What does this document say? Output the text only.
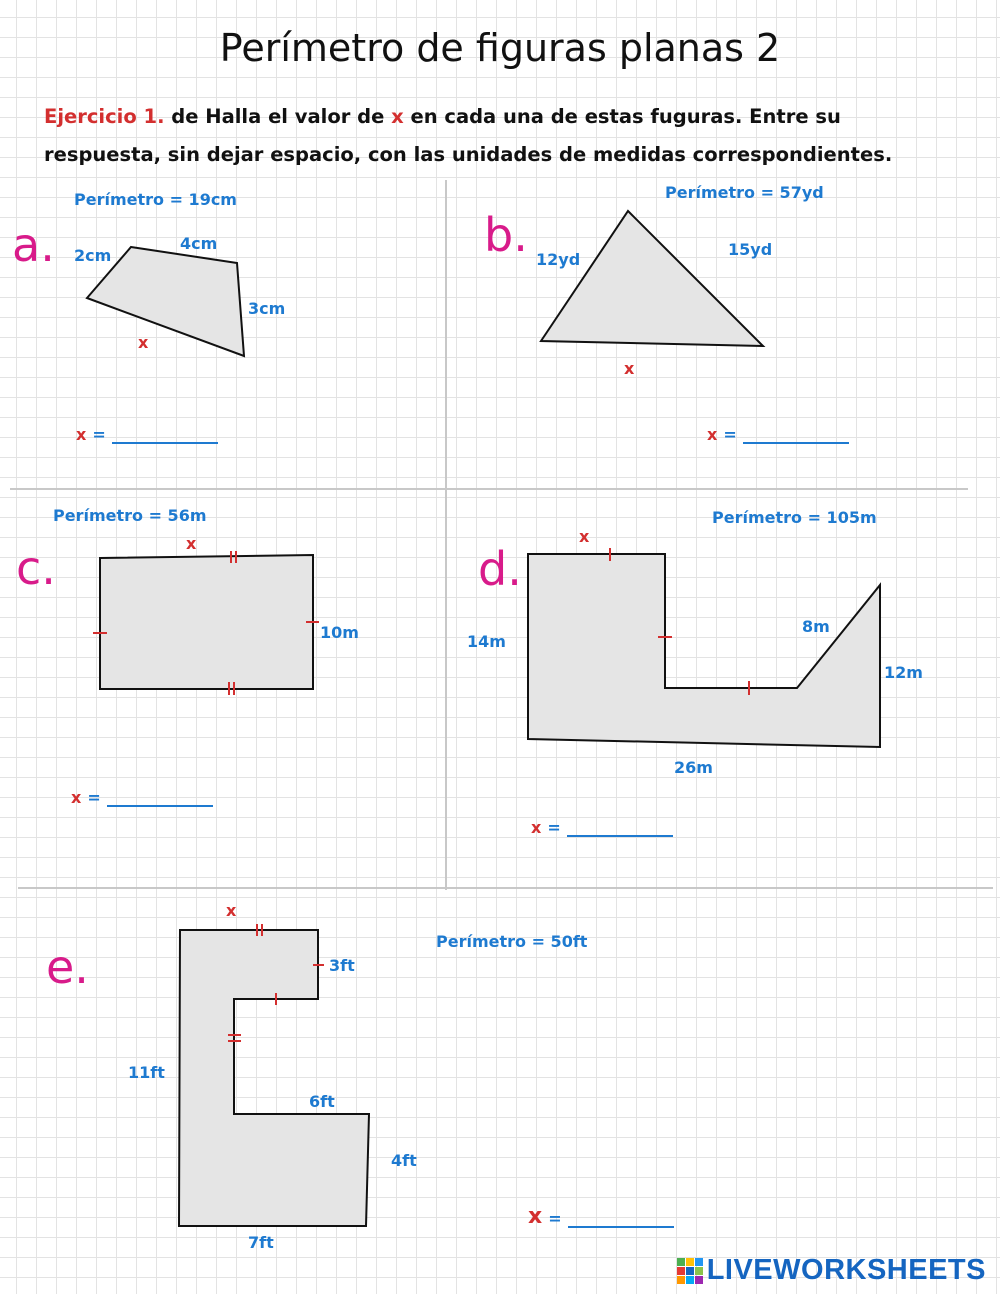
Perímetro de figuras planas 2
Ejercicio 1. de Halla el valor de x en cada una de estas fuguras. Entre su respuesta, sin dejar espacio, con las unidades de medidas correspondientes.
a.
Perímetro = 19cm
2cm
4cm
3cm
x
x =
b.
Perímetro = 57yd
12yd
15yd
x
x =
c.
Perímetro = 56m
x
10m
x =
d.
Perímetro = 105m
x
14m
8m
12m
26m
x =
e.	Perímetro = 50ft
x
3ft
11ft
6ft
4ft
7ft
x =
LIVEWORKSHEETS
